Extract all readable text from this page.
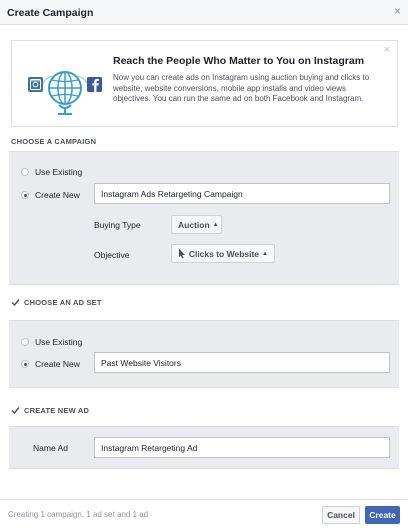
Create Campaign	×
×
Reach the People Who Matter to You on Instagram
Now you can create ads on Instagram using auction buying and clicks to website, website conversions, mobile app installs and video views objectives. You can run the same ad on both Facebook and Instagram.
CHOOSE A CAMPAIGN
Use Existing
Create New
Instagram Ads Retargeting Campaign
Buying Type	Auction ▲︎
Objective	Clicks to Website ▲︎
CHOOSE AN AD SET
Use Existing
Create New
Past Website Visitors
CREATE NEW AD
Name Ad
Instagram Retargeting Ad
Creating 1 campaign, 1 ad set and 1 ad	Cancel	Create
